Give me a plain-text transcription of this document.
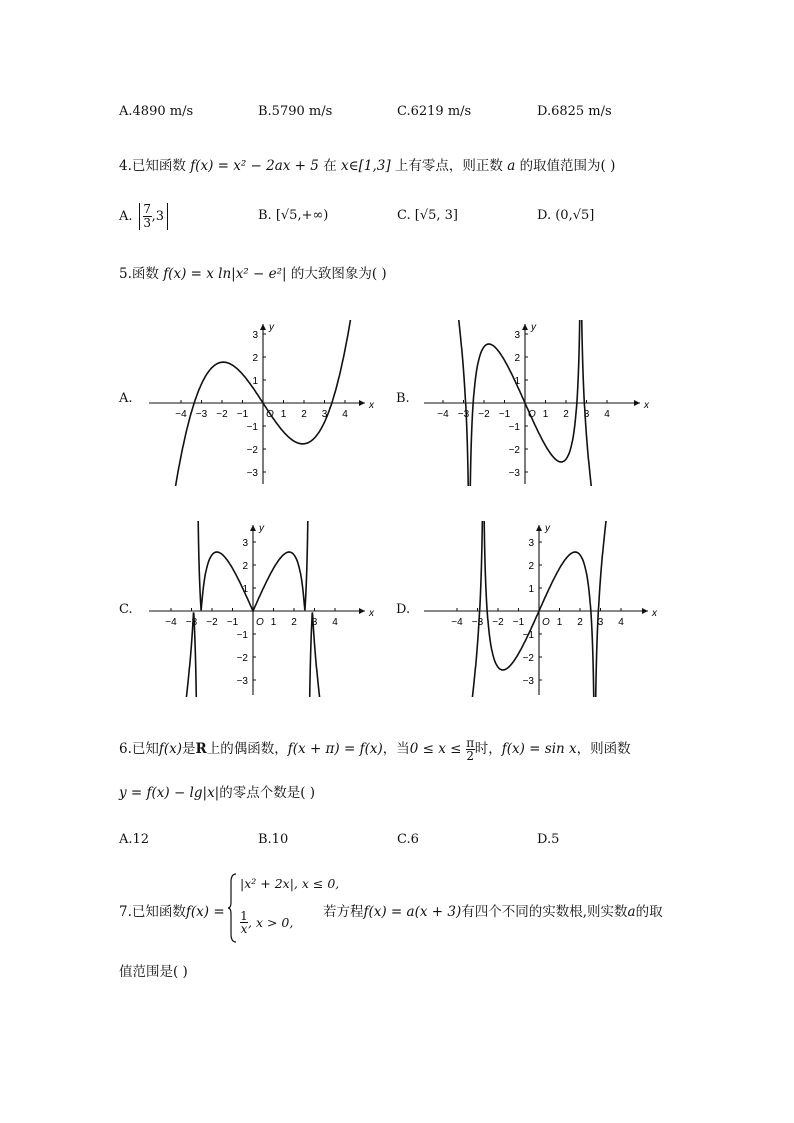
A.4890 m/s	B.5790 m/s	C.6219 m/s	D.6825 m/s
4.已知函数 f(x) = x² − 2ax + 5 在 x∈[1,3] 上有零点，则正数 a 的取值范围为( )
A. $\frac{7}{3} ,3$	B. [√5,+∞)	C. [√5, 3]	D. (0,√5]
5.函数 f(x) = x ln|x² − e²| 的大致图象为( )
A.	B.
C.	D.
−4 −3 −2 −1	1 2 3 4
3
2
1
−1
−2
−3
x
y
O	−4 −3 −2 −1	1 2 3 4
3
2
1
−1
−2
−3
x
y
O
−4 −3 −2 −1	1 2 3 4
3
2
1
−1
−2
−3
x
y
O	−4 −3 −2 −1	1 2 3 4
3
2
1
−1
−2
−3
x
y
O
6.已知f(x)是R上的偶函数，f(x + π) = f(x)，当$0 \le x \le \frac{\pi}{2}$ 时，f(x) = sin x，则函数
y = f(x) − lg|x|的零点个数是( )
A.12	B.10	C.6	D.5
7.已知函数f(x) =
|x² + 2x|, x ≤ 0,
1
x , x > 0,
若方程f(x) = a(x + 3)有四个不同的实数根,则实数a的取
值范围是( )
